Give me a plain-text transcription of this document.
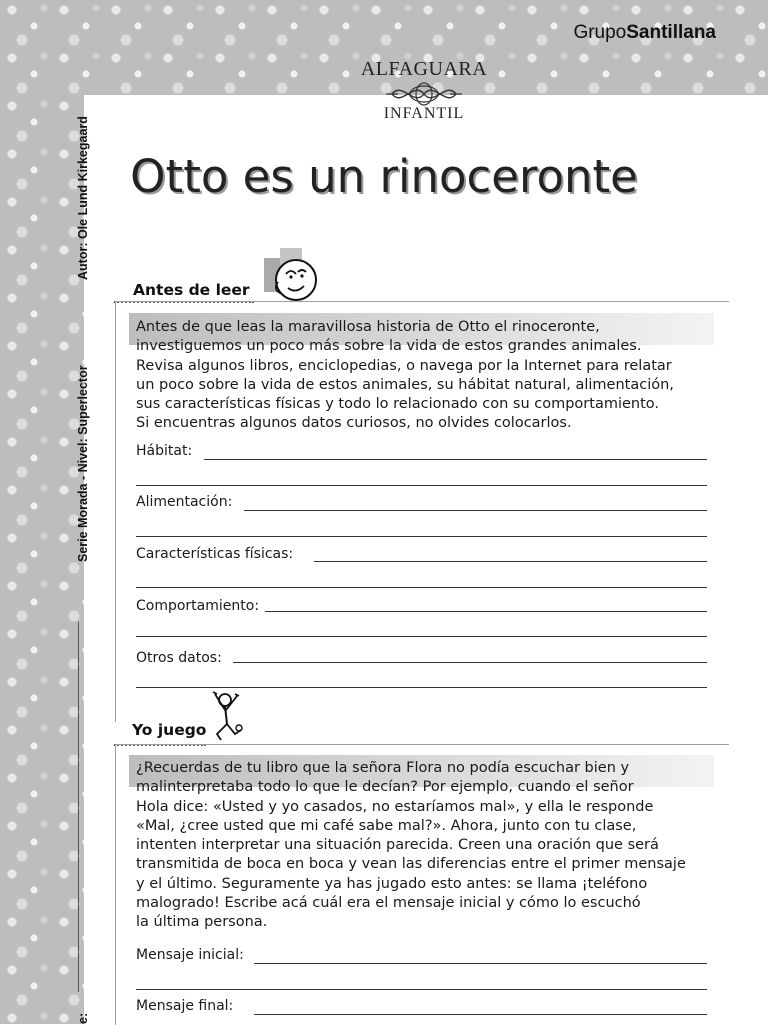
GrupoSantillana
ALFAGUARA
INFANTIL
Autor: Ole Lund Kirkegaard
Serie Morada - Nivel: Superlector
e:
Otto es un rinoceronte
Antes de leer
Antes de que leas la maravillosa historia de Otto el rinoceronte,
investiguemos un poco más sobre la vida de estos grandes animales.
Revisa algunos libros, enciclopedias, o navega por la Internet para relatar
un poco sobre la vida de estos animales, su hábitat natural, alimentación,
sus características físicas y todo lo relacionado con su comportamiento.
Si encuentras algunos datos curiosos, no olvides colocarlos.
Hábitat:
Alimentación:
Características físicas:
Comportamiento:
Otros datos:
Yo juego
¿Recuerdas de tu libro que la señora Flora no podía escuchar bien y
malinterpretaba todo lo que le decían? Por ejemplo, cuando el señor
Hola dice: «Usted y yo casados, no estaríamos mal», y ella le responde
«Mal, ¿cree usted que mi café sabe mal?». Ahora, junto con tu clase,
intenten interpretar una situación parecida. Creen una oración que será
transmitida de boca en boca y vean las diferencias entre el primer mensaje
y el último. Seguramente ya has jugado esto antes: se llama ¡teléfono
malogrado! Escribe acá cuál era el mensaje inicial y cómo lo escuchó
la última persona.
Mensaje inicial:
Mensaje final:
